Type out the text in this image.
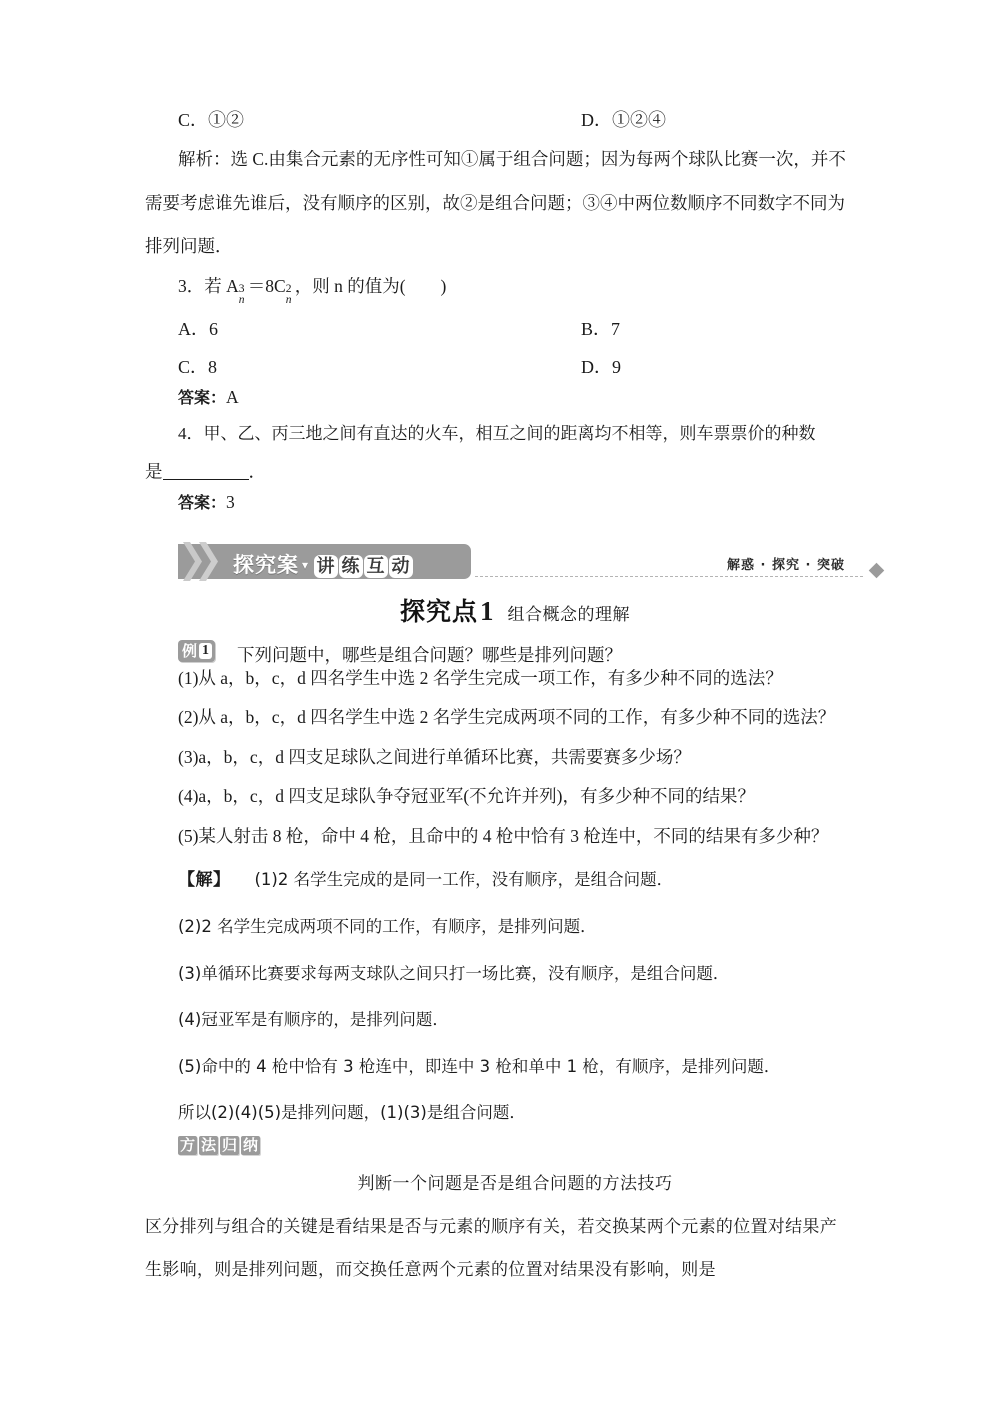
C．①②	D．①②④
解析：选 C.由集合元素的无序性可知①属于组合问题；因为每两个球队比赛一次，并不
需要考虑谁先谁后，没有顺序的区别，故②是组合问题；③④中两位数顺序不同数字不同为
排列问题．
3．若 A 3
n
＝8C 2
n
，则 n 的值为(　　)
A．6	B．7
C．8	D．9
答案：A
4．甲、乙、丙三地之间有直达的火车，相互之间的距离均不相等，则车票票价的种数
是	．
答案：3
探究案 ▾ 讲 练 互 动	解惑 · 探究 · 突破
探究点1 组合概念的理解
例 1	下列问题中，哪些是组合问题？哪些是排列问题？
(1)从 a，b，c，d 四名学生中选 2 名学生完成一项工作，有多少种不同的选法？
(2)从 a，b，c，d 四名学生中选 2 名学生完成两项不同的工作，有多少种不同的选法？
(3)a，b，c，d 四支足球队之间进行单循环比赛，共需要赛多少场？
(4)a，b，c，d 四支足球队争夺冠亚军(不允许并列)，有多少种不同的结果？
(5)某人射击 8 枪，命中 4 枪，且命中的 4 枪中恰有 3 枪连中，不同的结果有多少种？
【解】 (1)2 名学生完成的是同一工作，没有顺序，是组合问题．
(2)2 名学生完成两项不同的工作，有顺序，是排列问题．
(3)单循环比赛要求每两支球队之间只打一场比赛，没有顺序，是组合问题．
(4)冠亚军是有顺序的，是排列问题．
(5)命中的 4 枪中恰有 3 枪连中，即连中 3 枪和单中 1 枪，有顺序，是排列问题．
所以(2)(4)(5)是排列问题，(1)(3)是组合问题．
方 法 归 纳
判断一个问题是否是组合问题的方法技巧
区分排列与组合的关键是看结果是否与元素的顺序有关，若交换某两个元素的位置对结果产
生影响，则是排列问题，而交换任意两个元素的位置对结果没有影响，则是
